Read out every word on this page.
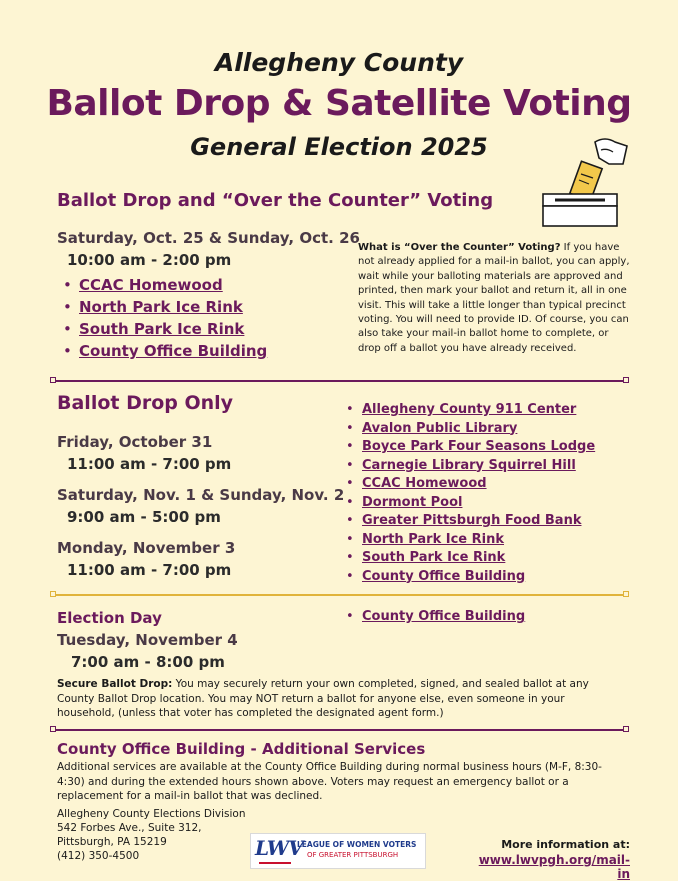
Allegheny County
Ballot Drop & Satellite Voting
General Election 2025
Ballot Drop and “Over the Counter” Voting
Saturday, Oct. 25 & Sunday, Oct. 26
10:00 am - 2:00 pm
• CCAC Homewood
• North Park Ice Rink
• South Park Ice Rink
• County Office Building
What is “Over the Counter” Voting? If you have not already applied for a mail-in ballot, you can apply, wait while your balloting materials are approved and printed, then mark your ballot and return it, all in one visit. This will take a little longer than typical precinct voting. You will need to provide ID. Of course, you can also take your mail-in ballot home to complete, or drop off a ballot you have already received.
Ballot Drop Only
Friday, October 31
11:00 am - 7:00 pm
Saturday, Nov. 1 & Sunday, Nov. 2
9:00 am - 5:00 pm
Monday, November 3
11:00 am - 7:00 pm
• Allegheny County 911 Center
• Avalon Public Library
• Boyce Park Four Seasons Lodge
• Carnegie Library Squirrel Hill
• CCAC Homewood
• Dormont Pool
• Greater Pittsburgh Food Bank
• North Park Ice Rink
• South Park Ice Rink
• County Office Building
Election Day
Tuesday, November 4
7:00 am - 8:00 pm
• County Office Building
Secure Ballot Drop: You may securely return your own completed, signed, and sealed ballot at any County Ballot Drop location. You may NOT return a ballot for anyone else, even someone in your household, (unless that voter has completed the designated agent form.)
County Office Building - Additional Services
Additional services are available at the County Office Building during normal business hours (M-F, 8:30-4:30) and during the extended hours shown above. Voters may request an emergency ballot or a replacement for a mail-in ballot that was declined.
Allegheny County Elections Division
542 Forbes Ave., Suite 312,
Pittsburgh, PA 15219
(412) 350-4500	LWV
LEAGUE OF WOMEN VOTERS
OF GREATER PITTSBURGH
More information at:
www.lwvpgh.org/mail-in
